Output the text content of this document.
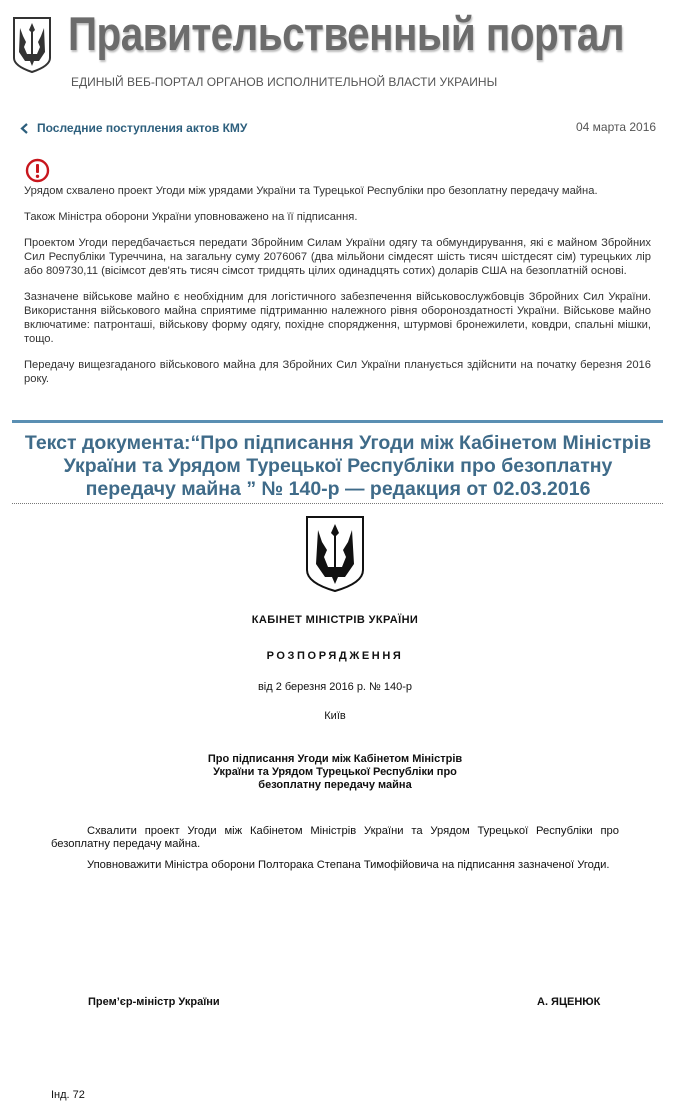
Правительственный портал
ЕДИНЫЙ ВЕБ-ПОРТАЛ ОРГАНОВ ИСПОЛНИТЕЛЬНОЙ ВЛАСТИ УКРАИНЫ
Последние поступления актов КМУ	04 марта 2016

Урядом схвалено проект Угоди між урядами України та Турецької Республіки про безоплатну передачу майна.

Також Міністра оборони України уповноважено на її підписання.

Проектом Угоди передбачається передати Збройним Силам України одягу та обмундирування, які є майном Збройних Сил Республіки Туреччина, на загальну суму 2076067 (два мільйони сімдесят шість тисяч шістдесят сім) турецьких лір або 809730,11 (вісімсот дев'ять тисяч сімсот тридцять цілих одинадцять сотих) доларів США на безоплатній основі.

Зазначене військове майно є необхідним для логістичного забезпечення військовослужбовців Збройних Сил України. Використання військового майна сприятиме підтриманню належного рівня обороноздатності України. Військове майно включатиме: патронташі, військову форму одягу, похідне спорядження, штурмові бронежилети, ковдри, спальні мішки, тощо.

Передачу вищезгаданого військового майна для Збройних Сил України планується здійснити на початку березня 2016 року.

Текст документа:“Про підписання Угоди між Кабінетом Міністрів України та Урядом Турецької Республіки про безоплатну передачу майна ” № 140-р — редакция от 02.03.2016
КАБІНЕТ МІНІСТРІВ УКРАЇНИ
РОЗПОРЯДЖЕННЯ
від 2 березня 2016 р. № 140-р
Київ
Про підписання Угоди між Кабінетом Міністрів
України та Урядом Турецької Республіки про
безоплатну передачу майна

Схвалити проект Угоди між Кабінетом Міністрів України та Урядом Турецької Республіки про безоплатну передачу майна.

Уповноважити Міністра оборони Полторака Степана Тимофійовича на підписання зазначеної Угоди.

Прем’єр-міністр України	А. ЯЦЕНЮК
Інд. 72
